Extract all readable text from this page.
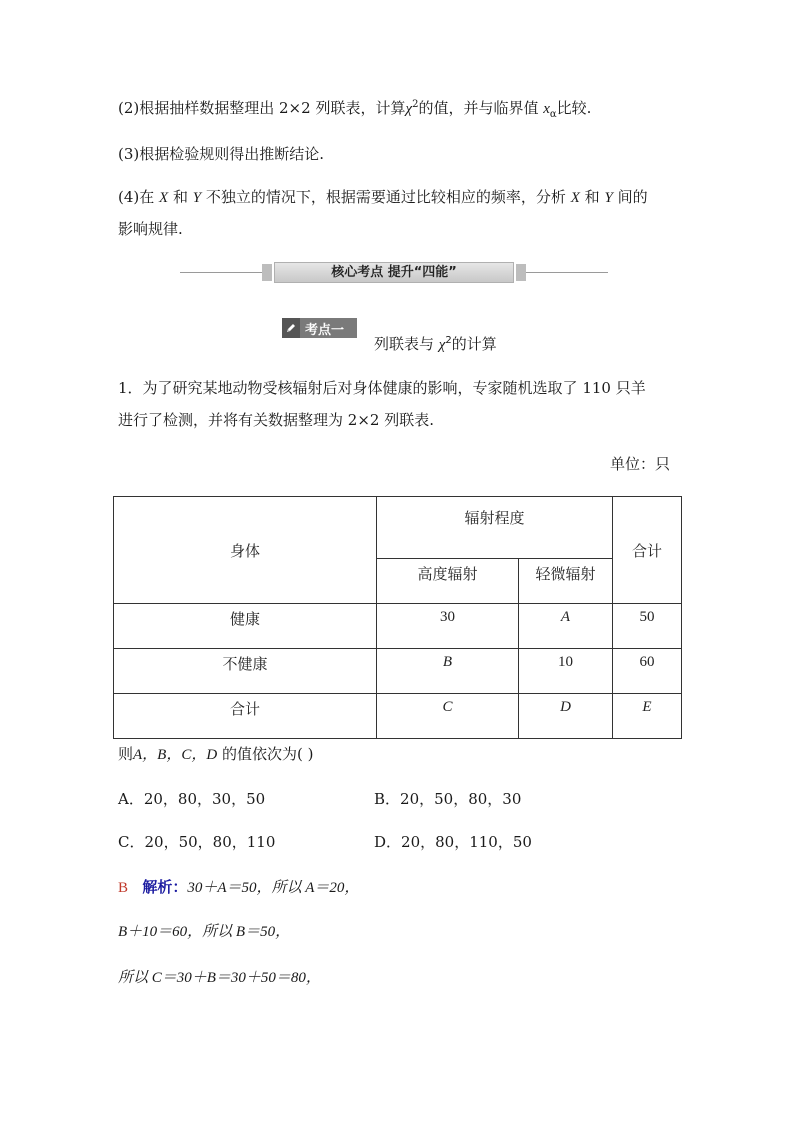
(2)根据抽样数据整理出 2×2 列联表，计算$\chi^2$的值，并与临界值 $x_\alpha$比较.
(3)根据检验规则得出推断结论.
(4)在 X 和 Y 不独立的情况下，根据需要通过比较相应的频率，分析 X 和 Y 间的
影响规律.
核心考点 提升“四能”
考点一
列联表与 $\chi^2$的计算
1．为了研究某地动物受核辐射后对身体健康的影响，专家随机选取了 110 只羊
进行了检测，并将有关数据整理为 2×2 列联表.
单位：只
身体	辐射程度		合计
	高度辐射	轻微辐射	
健康	30	A	50
不健康	B	10	60
合计	C	D	E
则A，B，C，D 的值依次为( )
A．20，80，30，50	B．20，50，80，30
C．20，50，80，110	D．20，80，110，50
B 解析：30＋A＝50，所以 A＝20，
B＋10＝60，所以 B＝50，
所以 C＝30＋B＝30＋50＝80，
